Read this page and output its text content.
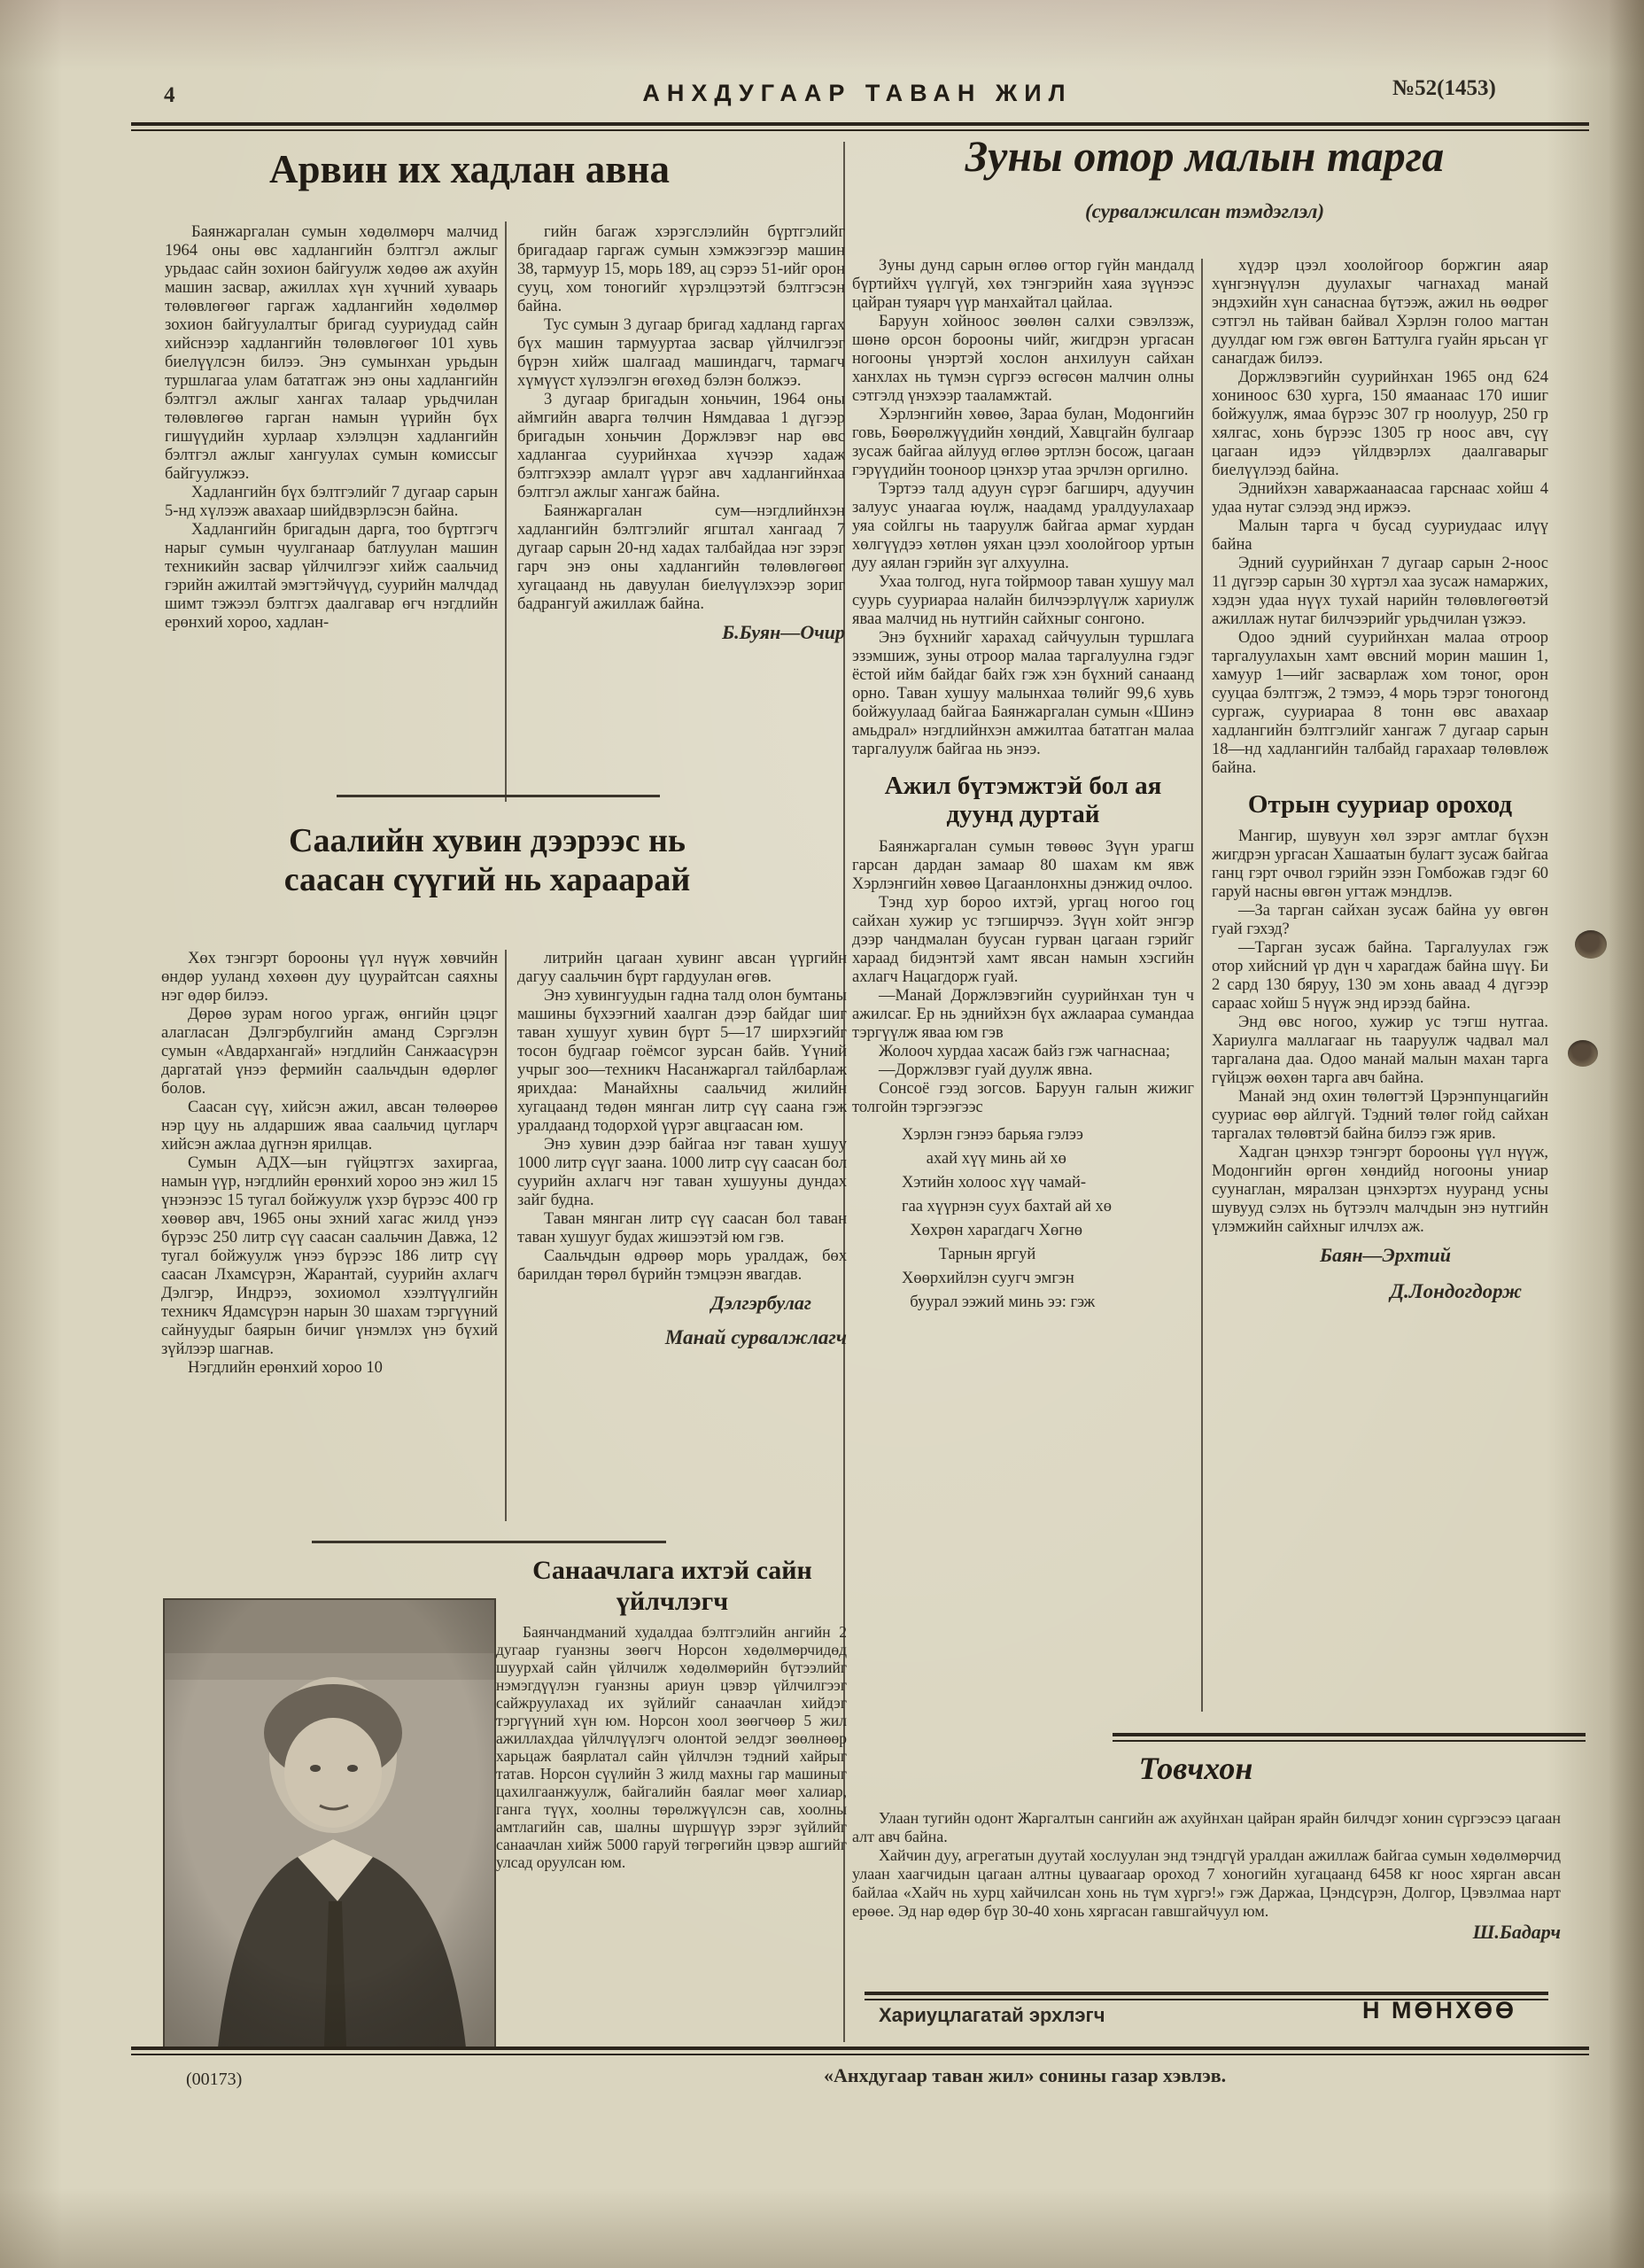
4	АНХДУГААР ТАВАН ЖИЛ	№52(1453)
Арвин их хадлан авна

Баянжаргалан сумын хөдөлмөрч малчид 1964 оны өвс хадлангийн бэлтгэл ажлыг урьдаас сайн зохион байгуулж хөдөө аж ахуйн машин засвар, ажиллах хүн хүчний хуваарь төлөвлөгөөг гаргаж хадлангийн хөдөлмөр зохион байгуулалтыг бригад сууриудад сайн хийснээр хадлангийн төлөвлөгөөг 101 хувь биелүүлсэн билээ. Энэ сумынхан урьдын туршлагаа улам бататгаж энэ оны хадлангийн бэлтгэл ажлыг хангах талаар урьдчилан төлөвлөгөө гарган намын үүрийн бүх гишүүдийн хурлаар хэлэлцэн хадлангийн бэлтгэл ажлыг хангуулах сумын комиссыг байгуулжээ.

Хадлангийн бүх бэлтгэлийг 7 дугаар сарын 5-нд хүлээж авахаар шийдвэрлэсэн байна.

Хадлангийн бригадын дарга, тоо бүртгэгч нарыг сумын чуулганаар батлуулан машин техникийн засвар үйлчилгээг хийж саальчид гэрийн ажилтай эмэгтэйчүүд, суурийн малчдад шимт тэжээл бэлтгэх даалгавар өгч нэгдлийн ерөнхий хороо, хадлан-

гийн багаж хэрэгслэлийн бүртгэлийг бригадаар гаргаж сумын хэмжээгээр машин 38, тармуур 15, морь 189, ац сэрээ 51-ийг орон сууц, хом тоногийг хүрэлцээтэй бэлтгэсэн байна.

Тус сумын 3 дугаар бригад хадланд гаргах бүх машин тармууртаа засвар үйлчилгээг бүрэн хийж шалгаад машиндагч, тармагч хүмүүст хүлээлгэн өгөхөд бэлэн болжээ.

3 дугаар бригадын хоньчин, 1964 оны аймгийн аварга төлчин Нямдаваа 1 дүгээр бригадын хоньчин Доржлэвэг нар өвс хадлангаа суурийнхаа хүчээр хадаж бэлтгэхээр амлалт үүрэг авч хадлангийнхаа бэлтгэл ажлыг хангаж байна.

Баянжаргалан сум—нэгдлийнхэн хадлангийн бэлтгэлийг ягштал хангаад 7 дугаар сарын 20-нд хадах талбайдаа нэг зэрэг гарч энэ оны хадлангийн төлөвлөгөөг хугацаанд нь давуулан биелүүлэхээр зориг бадрангуй ажиллаж байна.

Б.Буян—Очир
Саалийн хувин дээрээс нь
саасан сүүгий нь хараарай

Хөх тэнгэрт борооны үүл нүүж хөвчийн өндөр ууланд хөхөөн дуу цуурайтсан саяхны нэг өдөр билээ.

Дөрөө зурам ногоо ургаж, өнгийн цэцэг алагласан Дэлгэрбулгийн аманд Сэргэлэн сумын «Авдархангай» нэгдлийн Санжаасүрэн даргатай үнээ фермийн саальчдын өдөрлөг болов.

Саасан сүү, хийсэн ажил, авсан төлөөрөө нэр цуу нь алдаршиж яваа саальчид цугларч хийсэн ажлаа дүгнэн ярилцав.

Сумын АДХ—ын гүйцэтгэх захиргаа, намын үүр, нэгдлийн ерөнхий хороо энэ жил 15 үнээнээс 15 тугал бойжуулж үхэр бүрээс 400 гр хөөвөр авч, 1965 оны эхний хагас жилд үнээ бүрээс 250 литр сүү саасан саальчин Давжа, 12 тугал бойжуулж үнээ бүрээс 186 литр сүү саасан Лхамсүрэн, Жарантай, суурийн ахлагч Дэлгэр, Индрээ, зохиомол хээлтүүлгийн техникч Ядамсүрэн нарын 30 шахам тэргүүний сайнуудыг баярын бичиг үнэмлэх үнэ бүхий зүйлээр шагнав.

Нэгдлийн ерөнхий хороо 10

литрийн цагаан хувинг авсан үүргийн дагуу саальчин бүрт гардуулан өгөв.

Энэ хувингуудын гадна талд олон бумтаны машины бүхээгний хаалган дээр байдаг шиг таван хушууг хувин бүрт 5—17 ширхэгийг тосон будгаар гоёмсог зурсан байв. Үүний учрыг зоо—техникч Насанжаргал тайлбарлаж ярихдаа: Манайхны саальчид жилийн хугацаанд төдөн мянган литр сүү саана гэж уралдаанд тодорхой үүрэг авцгаасан юм.

Энэ хувин дээр байгаа нэг таван хушуу 1000 литр сүүг заана. 1000 литр сүү саасан бол суурийн ахлагч нэг таван хушууны дундах зайг будна.

Таван мянган литр сүү саасан бол таван таван хушууг будах жишээтэй юм гэв.

Саальчдын өдрөөр морь уралдаж, бөх барилдан төрөл бүрийн тэмцээн явагдав.

Дэлгэрбулаг
Манай сурвалжлагч
(00173)
Санаачлага ихтэй сайн үйлчлэгч

Баянчандманий худалдаа бэлтгэлийн ангийн 2 дугаар гуанзны зөөгч Норсон хөдөлмөрчидөд шуурхай сайн үйлчилж хөдөлмөрийн бүтээлийг нэмэгдүүлэн гуанзны ариун цэвэр үйлчилгээг сайжруулахад их зүйлийг санаачлан хийдэг тэргүүний хүн юм. Норсон хоол зөөгчөөр 5 жил ажиллахдаа үйлчлүүлэгч олонтой эелдэг зөөлнөөр харьцаж баярлатал сайн үйлчлэн тэдний хайрыг татав. Норсон сүүлийн 3 жилд махны гар машиныг цахилгаанжуулж, байгалийн баялаг мөөг халиар, ганга түүх, хоолны төрөлжүүлсэн сав, хоолны амтлагийн сав, шалны шүршүүр зэрэг зүйлийг санаачлан хийж 5000 гаруй төгрөгийн цэвэр ашгийг улсад оруулсан юм.

Зуны отор малын тарга
(сурвалжилсан тэмдэглэл)

Зуны дунд сарын өглөө огтор гүйн мандалд бүртийхч үүлгүй, хөх тэнгэрийн хаяа зүүнээс цайран туяарч үүр манхайтал цайлаа.

Баруун хойноос зөөлөн салхи сэвэлзэж, шөнө орсон борооны чийг, жигдрэн ургасан ногооны үнэртэй хослон анхилуун сайхан ханхлах нь түмэн сүргээ өсгөсөн малчин олны сэтгэлд үнэхээр тааламжтай.

Хэрлэнгийн хөвөө, Зараа булан, Модонгийн говь, Бөөрөлжүүдийн хөндий, Хавцгайн булгаар зусаж байгаа айлууд өглөө эртлэн босож, цагаан гэрүүдийн тооноор цэнхэр утаа эрчлэн оргилно.

Тэртээ талд адуун сүрэг багширч, адуучин залуус унаагаа юүлж, наадамд уралдуулахаар уяа сойлгы нь тааруулж байгаа армаг хурдан хөлгүүдээ хөтлөн уяхан цээл хоолойгоор уртын дуу аялан гэрийн зүг алхуулна.

Ухаа толгод, нуга тойрмоор таван хушуу мал суурь сууриараа налайн билчээрлүүлж хариулж яваа малчид нь нутгийн сайхныг сонгоно.

Энэ бүхнийг харахад сайчуулын туршлага эзэмшиж, зуны отроор малаа таргалуулна гэдэг ёстой ийм байдаг байх гэж хэн бүхний санаанд орно. Таван хушуу малынхаа төлийг 99,6 хувь бойжуулаад байгаа Баянжаргалан сумын «Шинэ амьдрал» нэгдлийнхэн амжилтаа бататган малаа таргалуулж байгаа нь энээ.

Ажил бүтэмжтэй бол ая дуунд дуртай

Баянжаргалан сумын төвөөс Зүүн урагш гарсан дардан замаар 80 шахам км явж Хэрлэнгийн хөвөө Цагаанлонхны дэнжид очлоо.

Тэнд хур бороо ихтэй, ургац ногоо гоц сайхан хужир ус тэгширчээ. Зүүн хойт энгэр дээр чандмалан буусан гурван цагаан гэрийг хараад бидэнтэй хамт явсан намын хэсгийн ахлагч Нацагдорж гуай.

—Манай Доржлэвэгийн суурийнхан тун ч ажилсаг. Ер нь эднийхэн бүх ажлаараа сумандаа тэргүүлж яваа юм гэв

Жолооч хурдаа хасаж байз гэж чагнаснаа;

—Доржлэвэг гуай дуулж явна.

Сонсоё гээд зогсов. Баруун галын жижиг толгойн тэргээгээс

Хэрлэн гэнээ барьяа гэлээ

ахай хүү минь ай хө

Хэтийн холоос хүү чамай-

гаа хүүрнэн суух бахтай ай хө

Хөхрөн харагдагч Хөгнө

Тарнын яргуй

Хөөрхийлэн суугч эмгэн

буурал ээжий минь ээ: гэж

хүдэр цээл хоолойгоор боржгин аяар хүнгэнүүлэн дуулахыг чагнахад манай эндэхийн хүн санаснаа бүтээж, ажил нь өөдрөг сэтгэл нь тайван байвал Хэрлэн голоо магтан дуулдаг юм гэж өвгөн Баттулга гуайн ярьсан үг санагдаж билээ.

Доржлэвэгийн суурийнхан 1965 онд 624 хониноос 630 хурга, 150 ямаанаас 170 ишиг бойжуулж, ямаа бүрээс 307 гр ноолуур, 250 гр хялгас, хонь бүрээс 1305 гр ноос авч, сүү цагаан идээ үйлдвэрлэх даалгаварыг биелүүлээд байна.

Эднийхэн хаваржаанаасаа гарснаас хойш 4 удаа нутаг сэлээд энд иржээ.

Малын тарга ч бусад сууриудаас илүү байна

Эдний суурийнхан 7 дугаар сарын 2-ноос 11 дүгээр сарын 30 хүртэл хаа зусаж намаржих, хэдэн удаа нүүх тухай нарийн төлөвлөгөөтэй ажиллаж нутаг билчээрийг урьдчилан үзжээ.

Одоо эдний суурийнхан малаа отроор таргалуулахын хамт өвсний морин машин 1, хамуур 1—ийг засварлаж хом тоног, орон сууцаа бэлтгэж, 2 тэмээ, 4 морь тэрэг тоногонд сургаж, сууриараа 8 тонн өвс авахаар хадлангийн бэлтгэлийг хангаж 7 дугаар сарын 18—нд хадлангийн талбайд гарахаар төлөвлөж байна.

Отрын сууриар ороход

Мангир, шувуун хөл зэрэг амтлаг бүхэн жигдрэн ургасан Хашаатын булагт зусаж байгаа ганц гэрт очвол гэрийн эзэн Гомбожав гэдэг 60 гаруй насны өвгөн угтаж мэндлэв.

—За тарган сайхан зусаж байна уу өвгөн гуай гэхэд?

—Тарган зусаж байна. Таргалуулах гэж отор хийсний үр дүн ч харагдаж байна шүү. Би 2 сард 130 бяруу, 130 эм хонь аваад 4 дүгээр сараас хойш 5 нүүж энд ирээд байна.

Энд өвс ногоо, хужир ус тэгш нутгаа. Хариулга маллагааг нь тааруулж чадвал мал таргалана даа. Одоо манай малын махан тарга гүйцэж өөхөн тарга авч байна.

Манай энд охин төлөгтэй Цэрэнпунцагийн сууриас өөр айлгүй. Тэдний төлөг гойд сайхан таргалах төлөвтэй байна билээ гэж ярив.

Хадган цэнхэр тэнгэрт борооны үүл нүүж, Модонгийн өргөн хөндийд ногооны униар суунаглан, мяралзан цэнхэртэх нууранд усны шувууд сэлэх нь бүтээлч малчдын энэ нутгийн үлэмжийн сайхныг илчлэх аж.

Баян—Эрхтий
Д.Лондогдорж
Товчхон

Улаан тугийн одонт Жаргалтын сангийн аж ахуйнхан цайран ярайн билчдэг хонин сүргээсээ цагаан алт авч байна.

Хайчин дуу, агрегатын дуутай хослуулан энд тэндгүй уралдан ажиллаж байгаа сумын хөдөлмөрчид улаан хаагчидын цагаан алтны цуваагаар ороход 7 хоногийн хугацаанд 6458 кг ноос хярган авсан байлаа «Хайч нь хурц хайчилсан хонь нь түм хүргэ!» гэж Даржаа, Цэндсүрэн, Долгор, Цэвэлмаа нарт ерөөе. Эд нар өдөр бүр 30-40 хонь хяргасан гавшгайчуул юм.

Ш.Бадарч
Хариуцлагатай эрхлэгч	Н МӨНХӨӨ
«Анхдугаар таван жил» сонины газар хэвлэв.
